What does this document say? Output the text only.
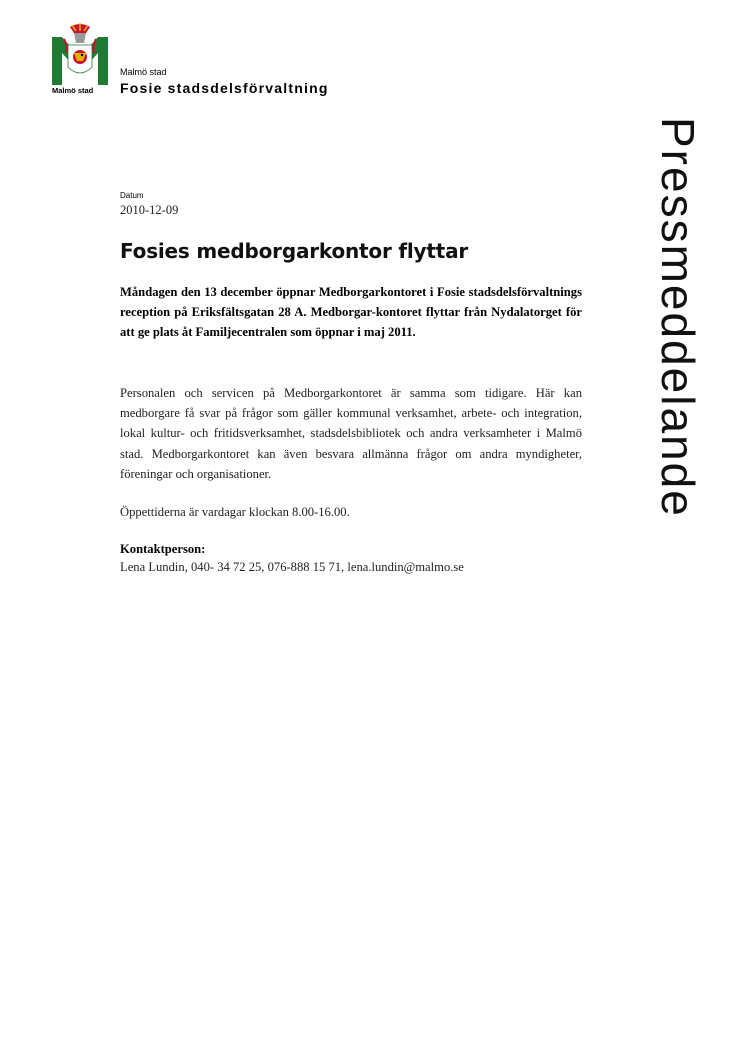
Malmö stad
Malmö stad
Fosie stadsdelsförvaltning
Pressmeddelande
Datum
2010-12-09
Fosies medborgarkontor flyttar

Måndagen den 13 december öppnar Medborgarkontoret i Fosie stadsdelsförvaltnings reception på Eriksfältsgatan 28 A. Medborgar-kontoret flyttar från Nydalatorget för att ge plats åt Familjecentralen som öppnar i maj 2011.

Personalen och servicen på Medborgarkontoret är samma som tidigare. Här kan medborgare få svar på frågor som gäller kommunal verksamhet, arbete- och integration, lokal kultur- och fritidsverksamhet, stadsdelsbibliotek och andra verksamheter i Malmö stad. Medborgarkontoret kan även besvara allmänna frågor om andra myndigheter, föreningar och organisationer.

Öppettiderna är vardagar klockan 8.00-16.00.

Kontaktperson:
Lena Lundin, 040- 34 72 25, 076-888 15 71, lena.lundin@malmo.se
